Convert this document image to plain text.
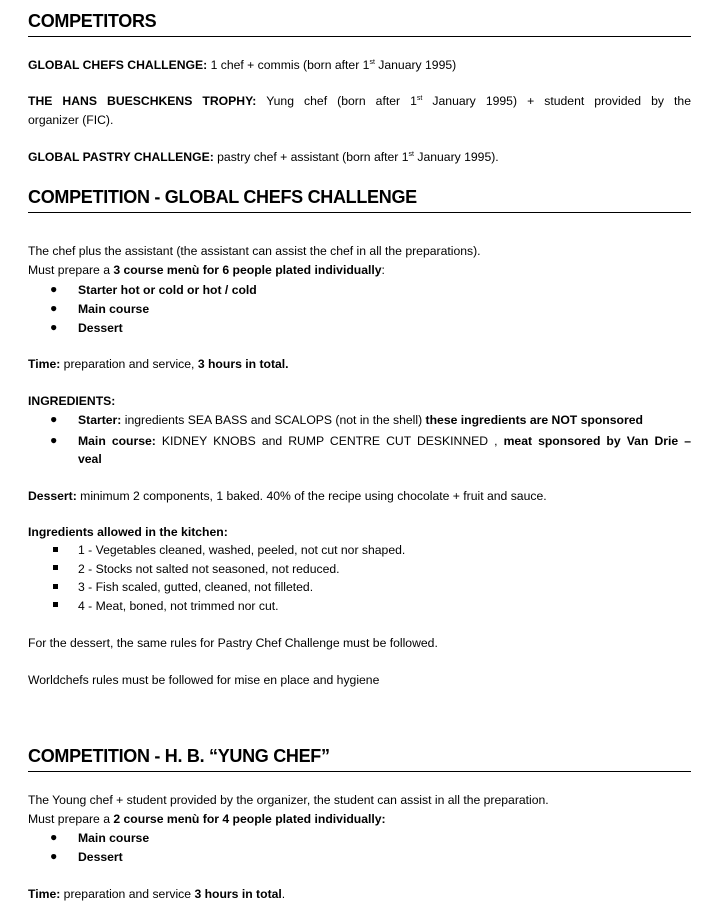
COMPETITORS
GLOBAL CHEFS CHALLENGE: 1 chef + commis (born after 1st January 1995)
THE HANS BUESCHKENS TROPHY: Yung chef (born after 1st January 1995) + student provided by the
organizer (FIC).
GLOBAL PASTRY CHALLENGE: pastry chef + assistant (born after 1st January 1995).
COMPETITION - GLOBAL CHEFS CHALLENGE
The chef plus the assistant (the assistant can assist the chef in all the preparations).
Must prepare a 3 course menù for 6 people plated individually:
● Starter hot or cold or hot / cold
● Main course
● Dessert
Time: preparation and service, 3 hours in total.
INGREDIENTS:
● Starter: ingredients SEA BASS and SCALOPS (not in the shell) these ingredients are NOT sponsored
● Main course: KIDNEY KNOBS and RUMP CENTRE CUT DESKINNED , meat sponsored by Van Drie –
veal
Dessert: minimum 2 components, 1 baked. 40% of the recipe using chocolate + fruit and sauce.
Ingredients allowed in the kitchen:
1 - Vegetables cleaned, washed, peeled, not cut nor shaped.
2 - Stocks not salted not seasoned, not reduced.
3 - Fish scaled, gutted, cleaned, not filleted.
4 - Meat, boned, not trimmed nor cut.
For the dessert, the same rules for Pastry Chef Challenge must be followed.
Worldchefs rules must be followed for mise en place and hygiene
COMPETITION - H. B. “YUNG CHEF”
The Young chef + student provided by the organizer, the student can assist in all the preparation.
Must prepare a 2 course menù for 4 people plated individually:
● Main course
● Dessert
Time: preparation and service 3 hours in total.
